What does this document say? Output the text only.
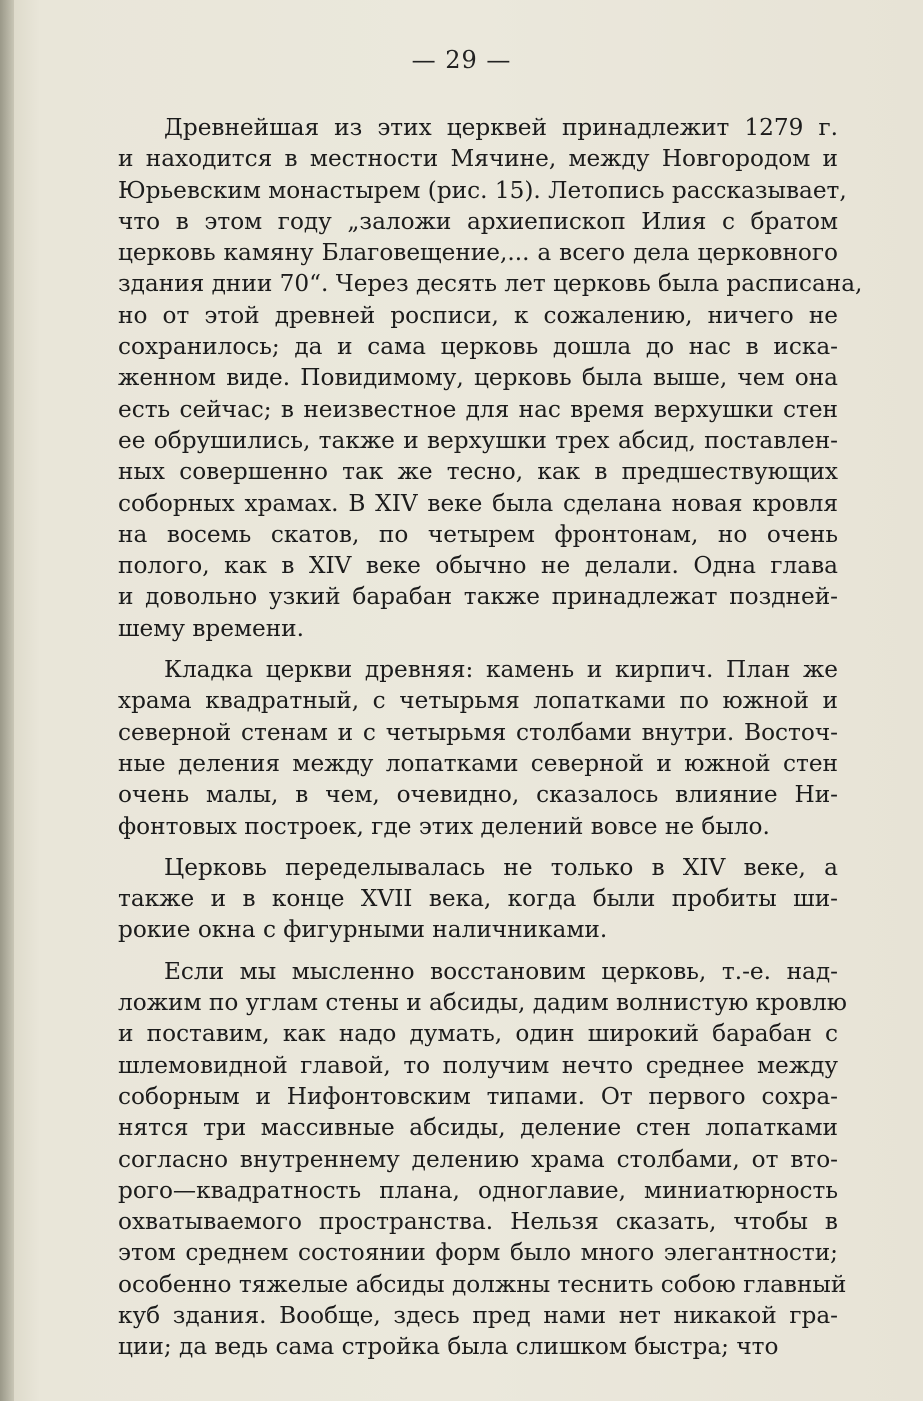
— 29 —

Древнейшая из этих церквей принадлежит 1279 г.
и находится в местности Мячине, между Новгородом и
Юрьевским монастырем (рис. 15). Летопись рассказывает,
что в этом году „заложи архиепископ Илия с братом
церковь камяну Благовещение,... а всего дела церковного
здания днии 70“. Через десять лет церковь была расписана,
но от этой древней росписи, к сожалению, ничего не
сохранилось; да и сама церковь дошла до нас в иска-
женном виде. Повидимому, церковь была выше, чем она
есть сейчас; в неизвестное для нас время верхушки стен
ее обрушились, также и верхушки трех абсид, поставлен-
ных совершенно так же тесно, как в предшествующих
соборных храмах. В XIV веке была сделана новая кровля
на восемь скатов, по четырем фронтонам, но очень
полого, как в XIV веке обычно не делали. Одна глава
и довольно узкий барабан также принадлежат поздней-
шему времени.

Кладка церкви древняя: камень и кирпич. План же
храма квадратный, с четырьмя лопатками по южной и
северной стенам и с четырьмя столбами внутри. Восточ-
ные деления между лопатками северной и южной стен
очень малы, в чем, очевидно, сказалось влияние Ни-
фонтовых построек, где этих делений вовсе не было.

Церковь переделывалась не только в XIV веке, а
также и в конце XVII века, когда были пробиты ши-
рокие окна с фигурными наличниками.

Если мы мысленно восстановим церковь, т.-е. над-
ложим по углам стены и абсиды, дадим волнистую кровлю
и поставим, как надо думать, один широкий барабан с
шлемовидной главой, то получим нечто среднее между
соборным и Нифонтовским типами. От первого сохра-
нятся три массивные абсиды, деление стен лопатками
согласно внутреннему делению храма столбами, от вто-
рого—квадратность плана, одноглавие, миниатюрность
охватываемого пространства. Нельзя сказать, чтобы в
этом среднем состоянии форм было много элегантности;
особенно тяжелые абсиды должны теснить собою главный
куб здания. Вообще, здесь пред нами нет никакой гра-
ции; да ведь сама стройка была слишком быстра; что
